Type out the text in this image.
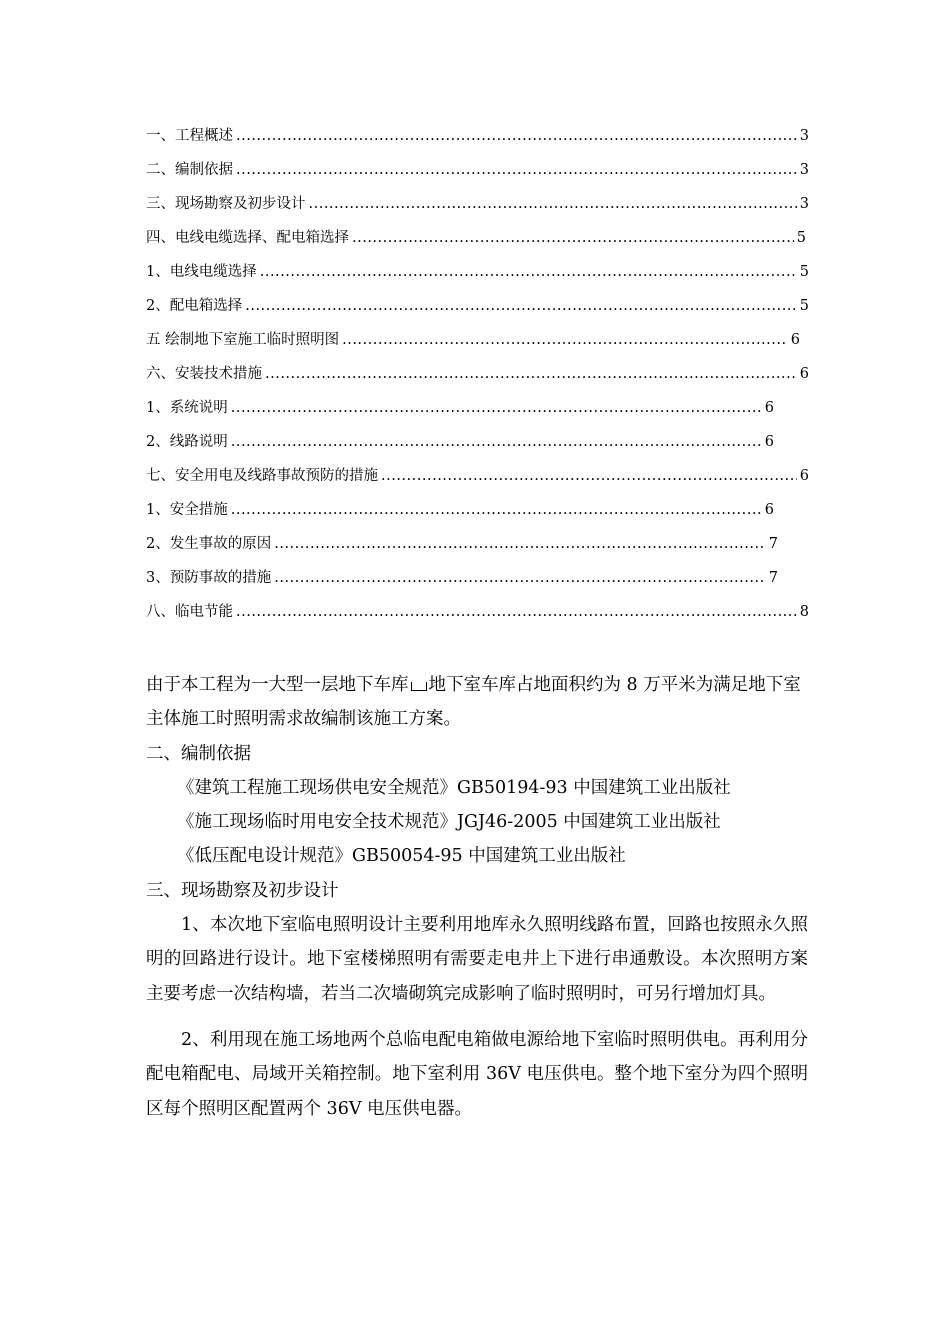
一、工程概述 .....	3
二、编制依据 .....	3
三、现场勘察及初步设计 .....	3
四、电线电缆选择、配电箱选择 .....	5
1、电线电缆选择 .....	5
2、配电箱选择 .....	5
五 绘制地下室施工临时照明图 .....	6
六、安装技术措施 .....	6
1、系统说明 .....	6
2、线路说明 .....	6
七、安全用电及线路事故预防的措施 .....	6
1、安全措施 .....	6
2、发生事故的原因 .....	7
3、预防事故的措施 .....	7
八、临电节能 .....	8

由于本工程为一大型一层地下车库 地下室车库占地面积约为 8 万平米为满足地下室主体施工时照明需求故编制该施工方案。

二、编制依据

《建筑工程施工现场供电安全规范》GB50194-93 中国建筑工业出版社

《施工现场临时用电安全技术规范》JGJ46-2005 中国建筑工业出版社

《低压配电设计规范》GB50054-95 中国建筑工业出版社

三、现场勘察及初步设计

1、本次地下室临电照明设计主要利用地库永久照明线路布置，回路也按照永久照明的回路进行设计。地下室楼梯照明有需要走电井上下进行串通敷设。本次照明方案主要考虑一次结构墙，若当二次墙砌筑完成影响了临时照明时，可另行增加灯具。

2、利用现在施工场地两个总临电配电箱做电源给地下室临时照明供电。再利用分配电箱配电、局域开关箱控制。地下室利用 36V 电压供电。整个地下室分为四个照明区每个照明区配置两个 36V 电压供电器。
